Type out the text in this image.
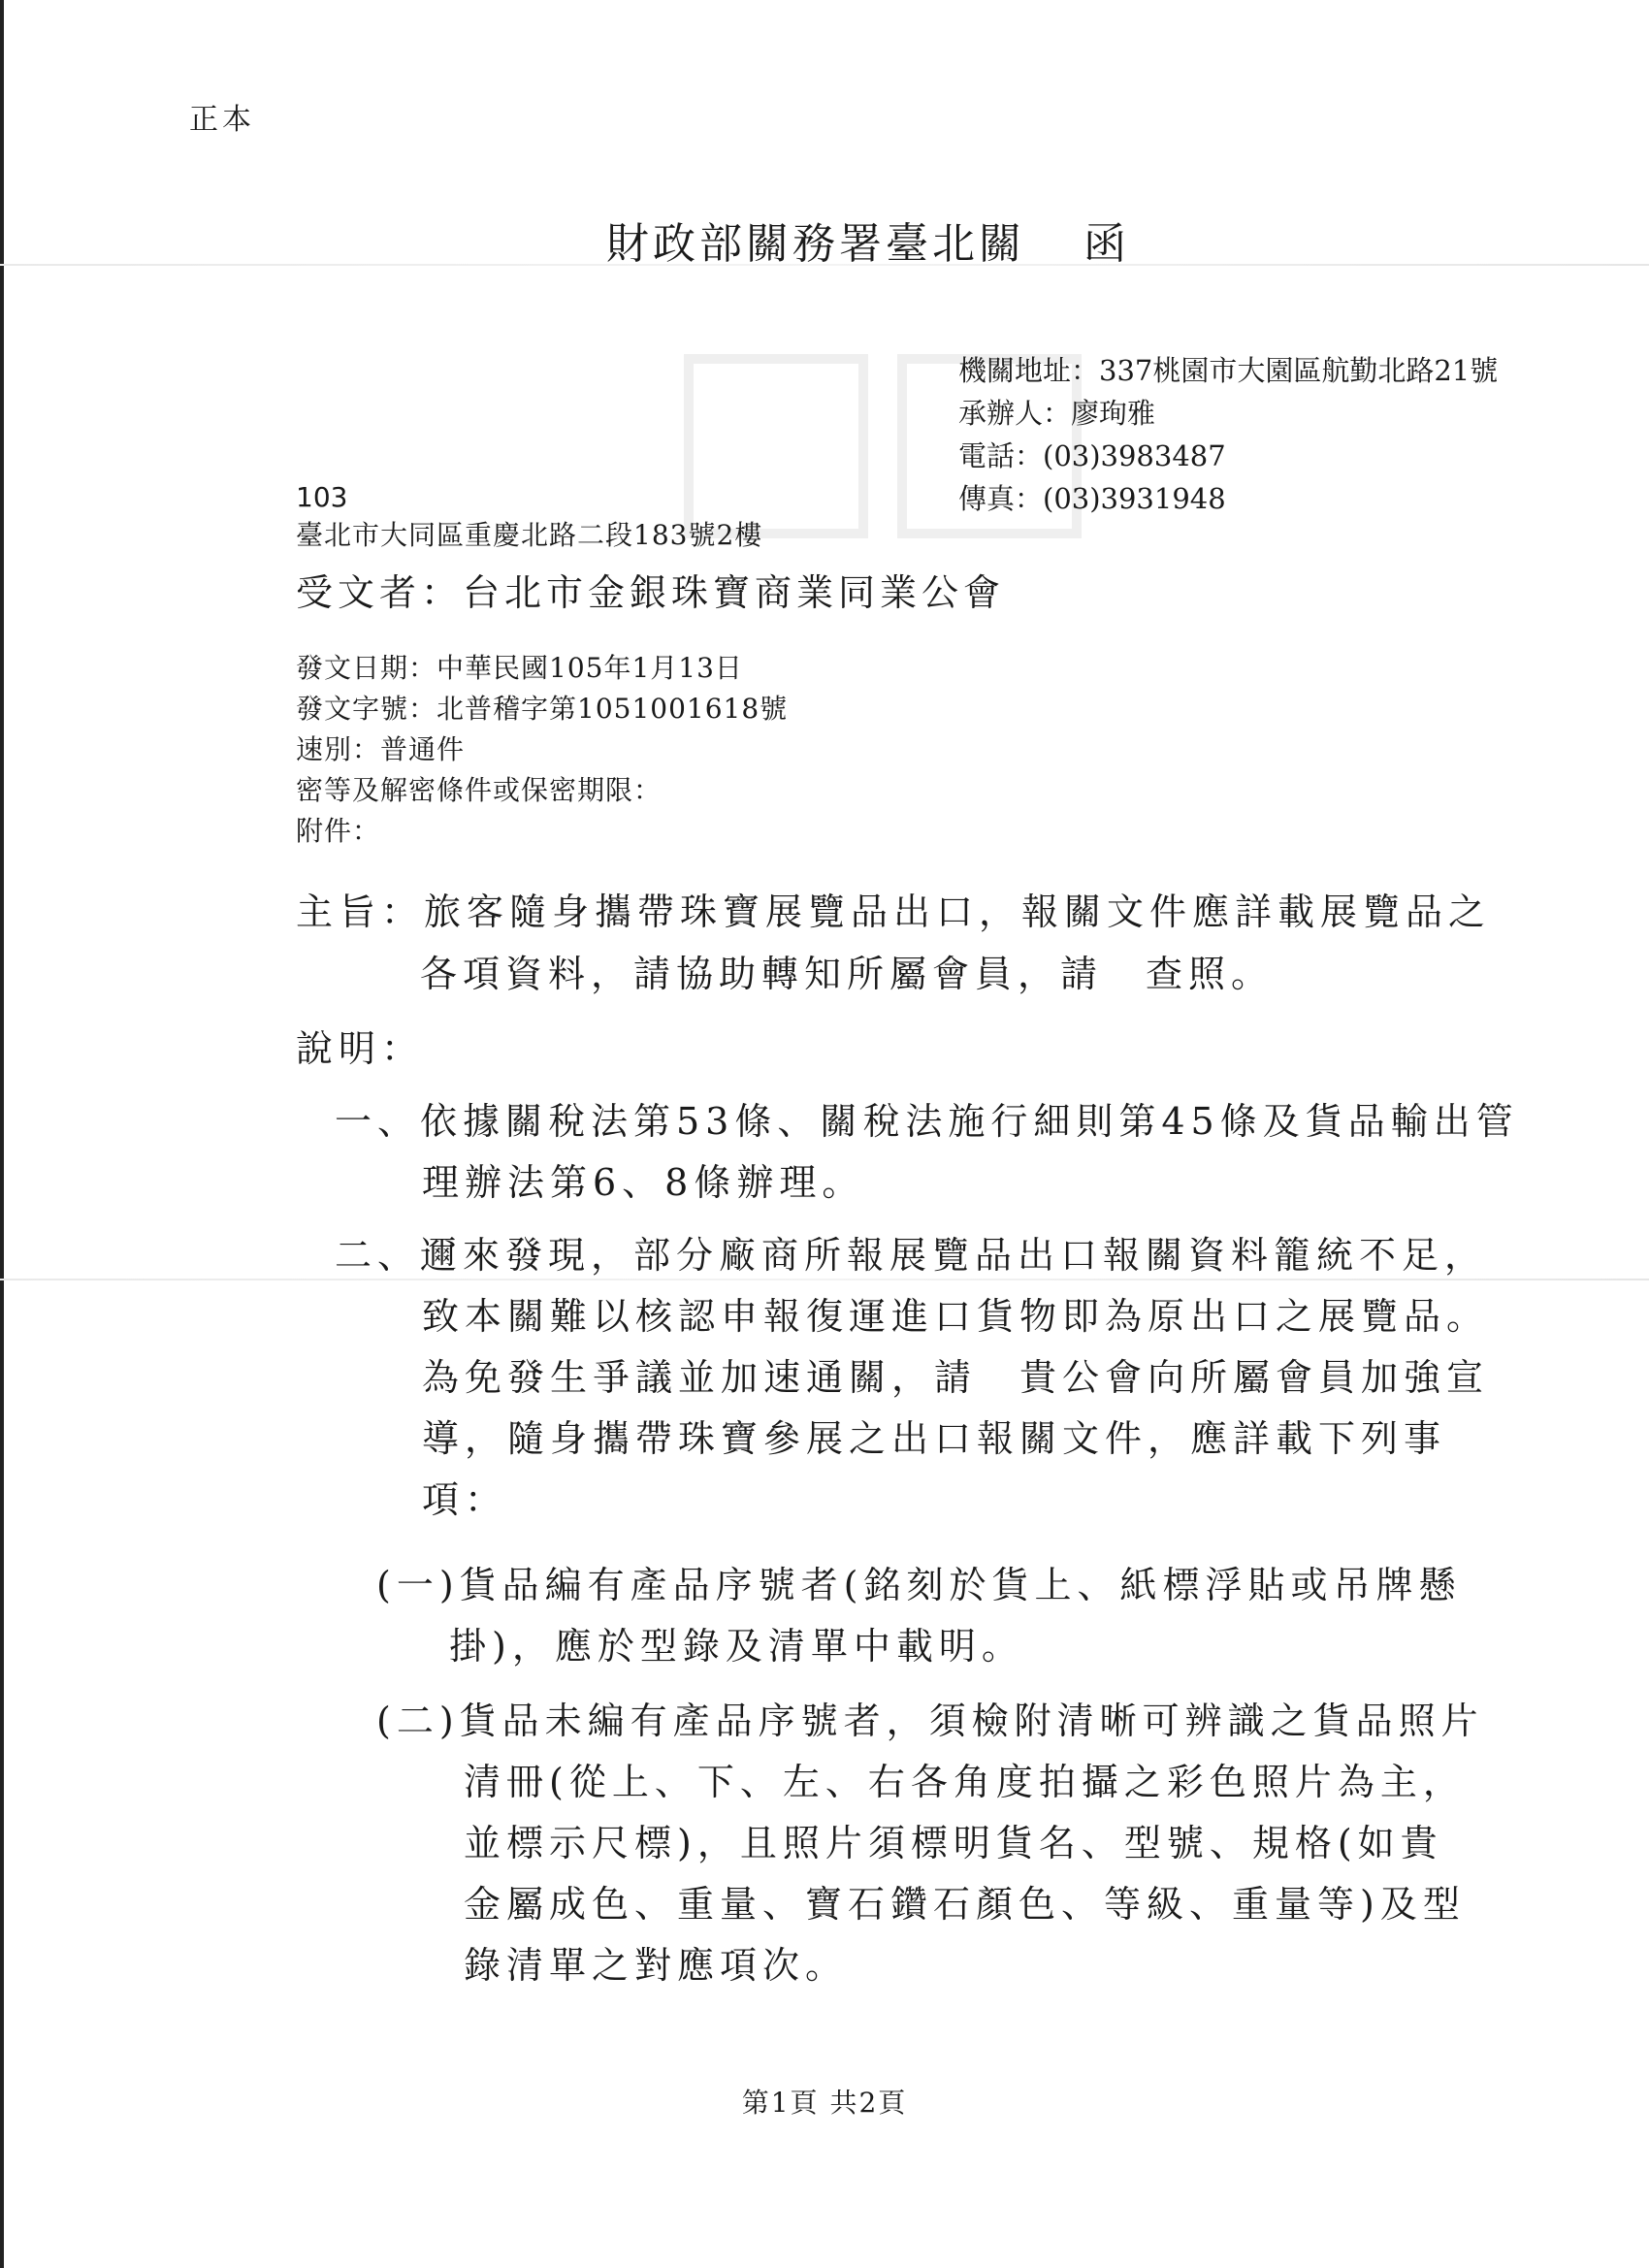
正本
財政部關務署臺北關 函
機關地址：337桃園市大園區航勤北路21號
承辦人：廖珣雅
電話：(03)3983487
傳真：(03)3931948
103
臺北市大同區重慶北路二段183號2樓
受文者：台北市金銀珠寶商業同業公會
發文日期：中華民國105年1月13日
發文字號：北普稽字第1051001618號
速別：普通件
密等及解密條件或保密期限：
附件：
主旨：旅客隨身攜帶珠寶展覽品出口，報關文件應詳載展覽品之
各項資料，請協助轉知所屬會員，請　查照。
說明：
一、依據關稅法第53條、關稅法施行細則第45條及貨品輸出管
理辦法第6、8條辦理。
二、邇來發現，部分廠商所報展覽品出口報關資料籠統不足，
致本關難以核認申報復運進口貨物即為原出口之展覽品。
為免發生爭議並加速通關，請　貴公會向所屬會員加強宣
導，隨身攜帶珠寶參展之出口報關文件，應詳載下列事
項：
(一)貨品編有產品序號者(銘刻於貨上、紙標浮貼或吊牌懸
掛)，應於型錄及清單中載明。
(二)貨品未編有產品序號者，須檢附清晰可辨識之貨品照片
清冊(從上、下、左、右各角度拍攝之彩色照片為主，
並標示尺標)，且照片須標明貨名、型號、規格(如貴
金屬成色、重量、寶石鑽石顏色、等級、重量等)及型
錄清單之對應項次。
第1頁 共2頁
